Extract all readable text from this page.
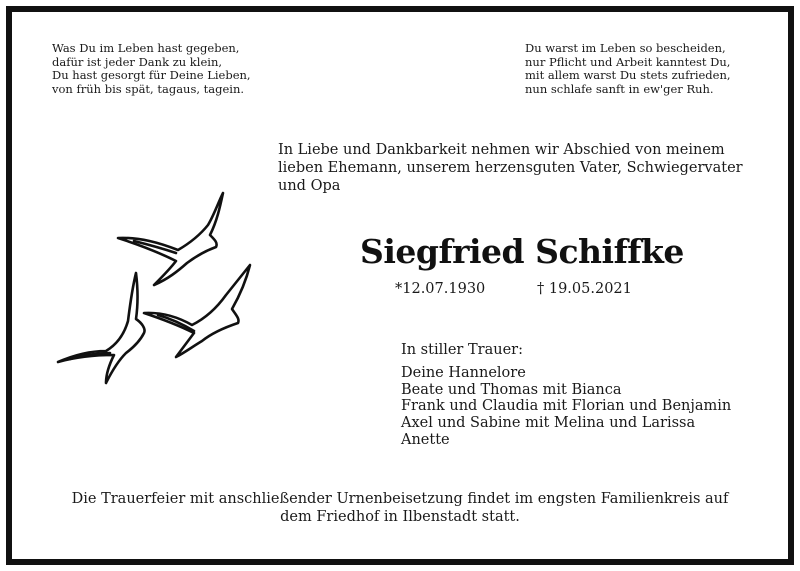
Was Du im Leben hast gegeben,
dafür ist jeder Dank zu klein,
Du hast gesorgt für Deine Lieben,
von früh bis spät, tagaus, tagein.
Du warst im Leben so bescheiden,
nur Pflicht und Arbeit kanntest Du,
mit allem warst Du stets zufrieden,
nun schlafe sanft in ew'ger Ruh.
In Liebe und Dankbarkeit nehmen wir Abschied von meinem lieben Ehemann, unserem herzensguten Vater, Schwiegervater und Opa
Siegfried Schiffke
*12.07.1930	† 19.05.2021
In stiller Trauer:
Deine Hannelore
Beate und Thomas mit Bianca
Frank und Claudia mit Florian und Benjamin
Axel und Sabine mit Melina und Larissa
Anette
Die Trauerfeier mit anschließender Urnenbeisetzung findet im engsten Familienkreis auf
dem Friedhof in Ilbenstadt statt.
